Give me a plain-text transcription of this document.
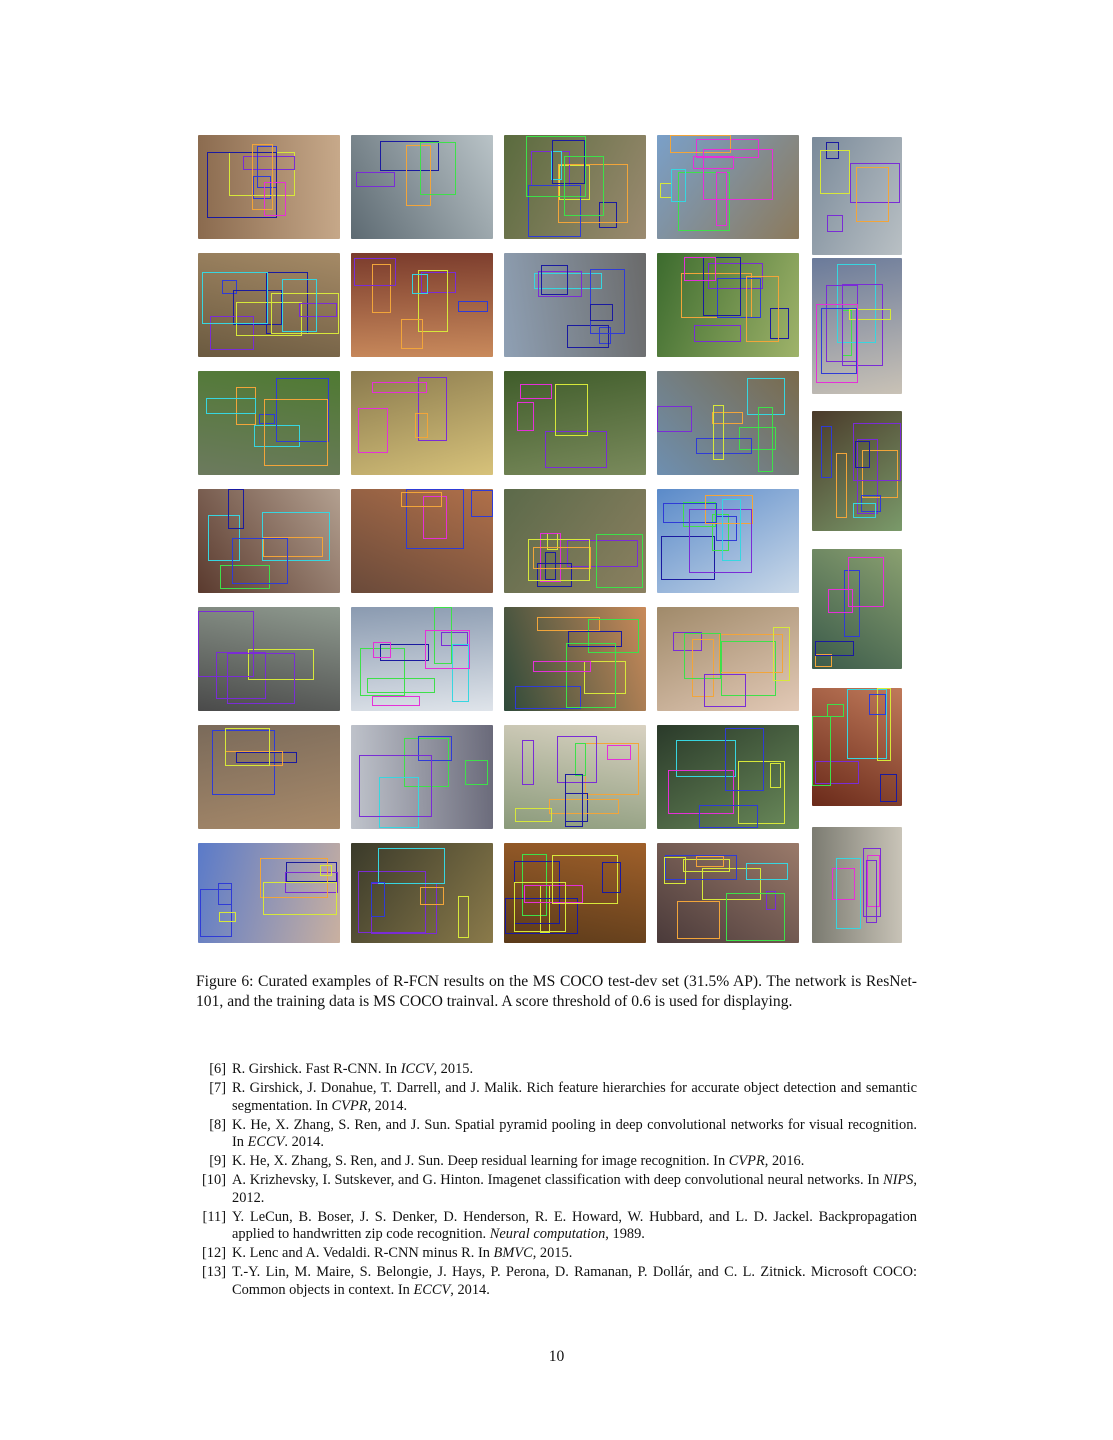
Figure 6: Curated examples of R-FCN results on the MS COCO test-dev set (31.5% AP). The network is ResNet-101, and the training data is MS COCO trainval. A score threshold of 0.6 is used for displaying.

[6] R. Girshick. Fast R-CNN. In ICCV, 2015.
[7] R. Girshick, J. Donahue, T. Darrell, and J. Malik. Rich feature hierarchies for accurate object detection and semantic segmentation. In CVPR, 2014.
[8] K. He, X. Zhang, S. Ren, and J. Sun. Spatial pyramid pooling in deep convolutional networks for visual recognition. In ECCV. 2014.
[9] K. He, X. Zhang, S. Ren, and J. Sun. Deep residual learning for image recognition. In CVPR, 2016.
[10] A. Krizhevsky, I. Sutskever, and G. Hinton. Imagenet classification with deep convolutional neural networks. In NIPS, 2012.
[11] Y. LeCun, B. Boser, J. S. Denker, D. Henderson, R. E. Howard, W. Hubbard, and L. D. Jackel. Backpropagation applied to handwritten zip code recognition. Neural computation, 1989.
[12] K. Lenc and A. Vedaldi. R-CNN minus R. In BMVC, 2015.
[13] T.-Y. Lin, M. Maire, S. Belongie, J. Hays, P. Perona, D. Ramanan, P. Dollár, and C. L. Zitnick. Microsoft COCO: Common objects in context. In ECCV, 2014.
10
